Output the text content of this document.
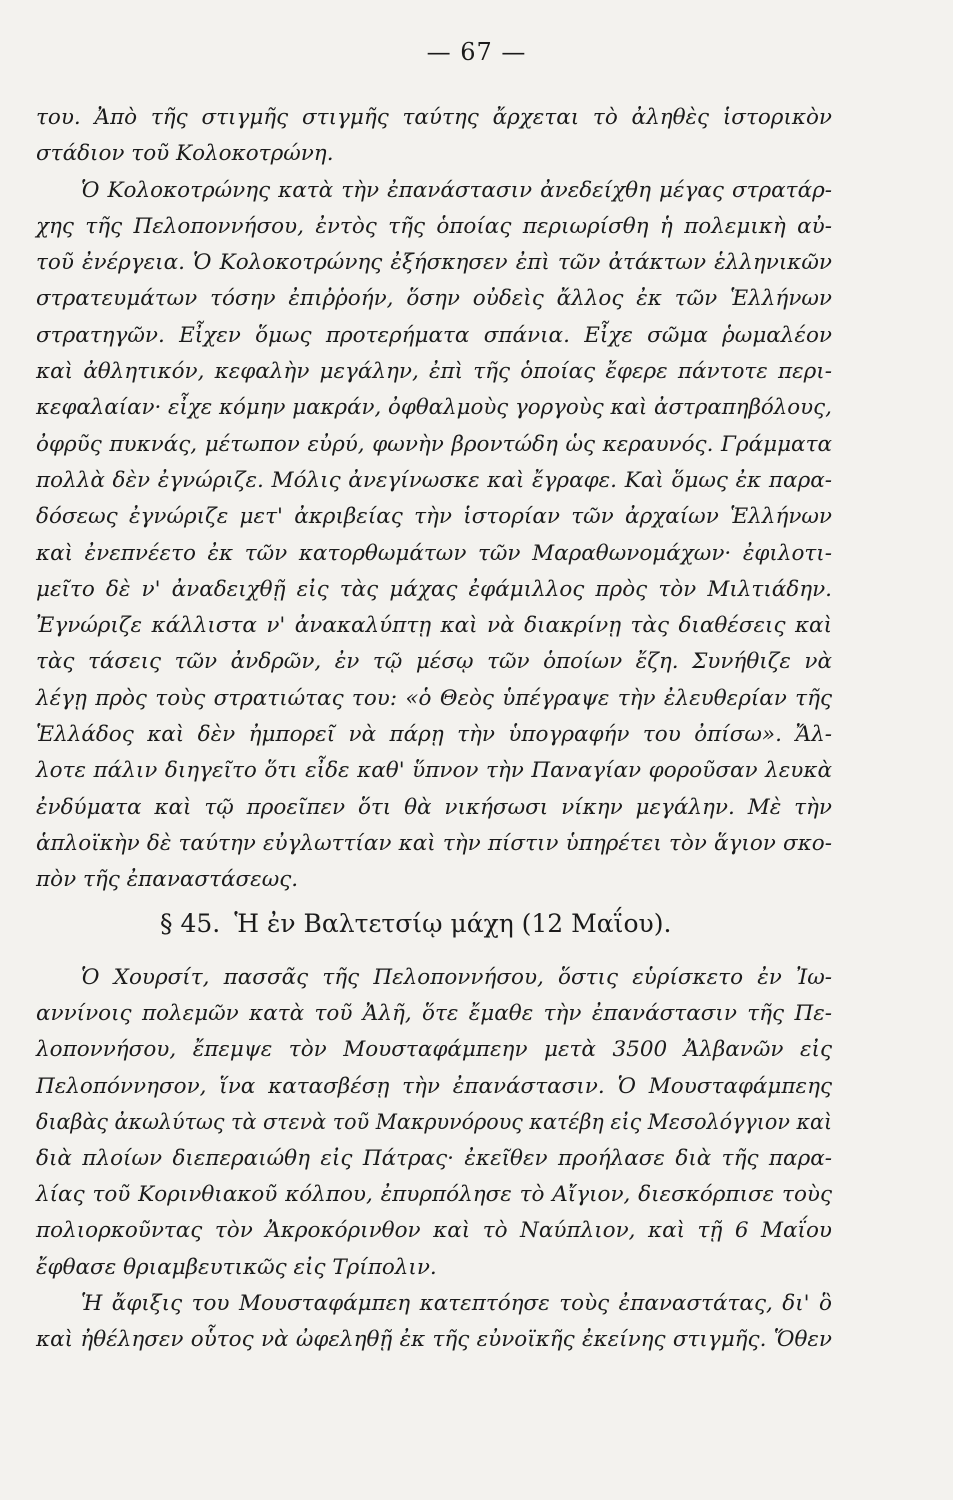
— 67 —
του. Ἀπὸ τῆς στιγμῆς στιγμῆς ταύτης ἄρχεται τὸ ἀληθὲς ἱστορικὸν
στάδιον τοῦ Κολοκοτρώνη.
Ὁ Κολοκοτρώνης κατὰ τὴν ἐπανάστασιν ἀνεδείχθη μέγας στρατάρ-
χης τῆς Πελοποννήσου, ἐντὸς τῆς ὁποίας περιωρίσθη ἡ πολεμικὴ αὐ-
τοῦ ἐνέργεια. Ὁ Κολοκοτρώνης ἐξήσκησεν ἐπὶ τῶν ἀτάκτων ἑλληνικῶν
στρατευμάτων τόσην ἐπιῤῥοήν, ὅσην οὐδεὶς ἄλλος ἐκ τῶν Ἑλλήνων
στρατηγῶν. Εἶχεν ὅμως προτερήματα σπάνια. Εἶχε σῶμα ῥωμαλέον
καὶ ἀθλητικόν, κεφαλὴν μεγάλην, ἐπὶ τῆς ὁποίας ἔφερε πάντοτε περι-
κεφαλαίαν· εἶχε κόμην μακράν, ὀφθαλμοὺς γοργοὺς καὶ ἀστραπηβόλους,
ὀφρῦς πυκνάς, μέτωπον εὐρύ, φωνὴν βροντώδη ὡς κεραυνός. Γράμματα
πολλὰ δὲν ἐγνώριζε. Μόλις ἀνεγίνωσκε καὶ ἔγραφε. Καὶ ὅμως ἐκ παρα-
δόσεως ἐγνώριζε μετ' ἀκριβείας τὴν ἱστορίαν τῶν ἀρχαίων Ἑλλήνων
καὶ ἐνεπνέετο ἐκ τῶν κατορθωμάτων τῶν Μαραθωνομάχων· ἐφιλοτι-
μεῖτο δὲ ν' ἀναδειχθῇ εἰς τὰς μάχας ἐφάμιλλος πρὸς τὸν Μιλτιάδην.
Ἐγνώριζε κάλλιστα ν' ἀνακαλύπτῃ καὶ νὰ διακρίνῃ τὰς διαθέσεις καὶ
τὰς τάσεις τῶν ἀνδρῶν, ἐν τῷ μέσῳ τῶν ὁποίων ἔζη. Συνήθιζε νὰ
λέγῃ πρὸς τοὺς στρατιώτας του: «ὁ Θεὸς ὑπέγραψε τὴν ἐλευθερίαν τῆς
Ἑλλάδος καὶ δὲν ἠμπορεῖ νὰ πάρῃ τὴν ὑπογραφήν του ὀπίσω». Ἄλ-
λοτε πάλιν διηγεῖτο ὅτι εἶδε καθ' ὕπνον τὴν Παναγίαν φοροῦσαν λευκὰ
ἐνδύματα καὶ τῷ προεῖπεν ὅτι θὰ νικήσωσι νίκην μεγάλην. Μὲ τὴν
ἁπλοϊκὴν δὲ ταύτην εὐγλωττίαν καὶ τὴν πίστιν ὑπηρέτει τὸν ἅγιον σκο-
πὸν τῆς ἐπαναστάσεως.
§ 45. Ἡ ἐν Βαλτετσίῳ μάχη (12 Μαΐου).
Ὁ Χουρσίτ, πασσᾶς τῆς Πελοποννήσου, ὅστις εὑρίσκετο ἐν Ἰω-
αννίνοις πολεμῶν κατὰ τοῦ Ἀλῆ, ὅτε ἔμαθε τὴν ἐπανάστασιν τῆς Πε-
λοποννήσου, ἔπεμψε τὸν Μουσταφάμπεην μετὰ 3500 Ἀλβανῶν εἰς
Πελοπόννησον, ἵνα κατασβέσῃ τὴν ἐπανάστασιν. Ὁ Μουσταφάμπεης
διαβὰς ἀκωλύτως τὰ στενὰ τοῦ Μακρυνόρους κατέβη εἰς Μεσολόγγιον καὶ
διὰ πλοίων διεπεραιώθη εἰς Πάτρας· ἐκεῖθεν προήλασε διὰ τῆς παρα-
λίας τοῦ Κορινθιακοῦ κόλπου, ἐπυρπόλησε τὸ Αἴγιον, διεσκόρπισε τοὺς
πολιορκοῦντας τὸν Ἀκροκόρινθον καὶ τὸ Ναύπλιον, καὶ τῇ 6 Μαΐου
ἔφθασε θριαμβευτικῶς εἰς Τρίπολιν.
Ἡ ἄφιξις του Μουσταφάμπεη κατεπτόησε τοὺς ἐπαναστάτας, δι' ὃ
καὶ ἠθέλησεν οὗτος νὰ ὠφεληθῇ ἐκ τῆς εὐνοϊκῆς ἐκείνης στιγμῆς. Ὅθεν
